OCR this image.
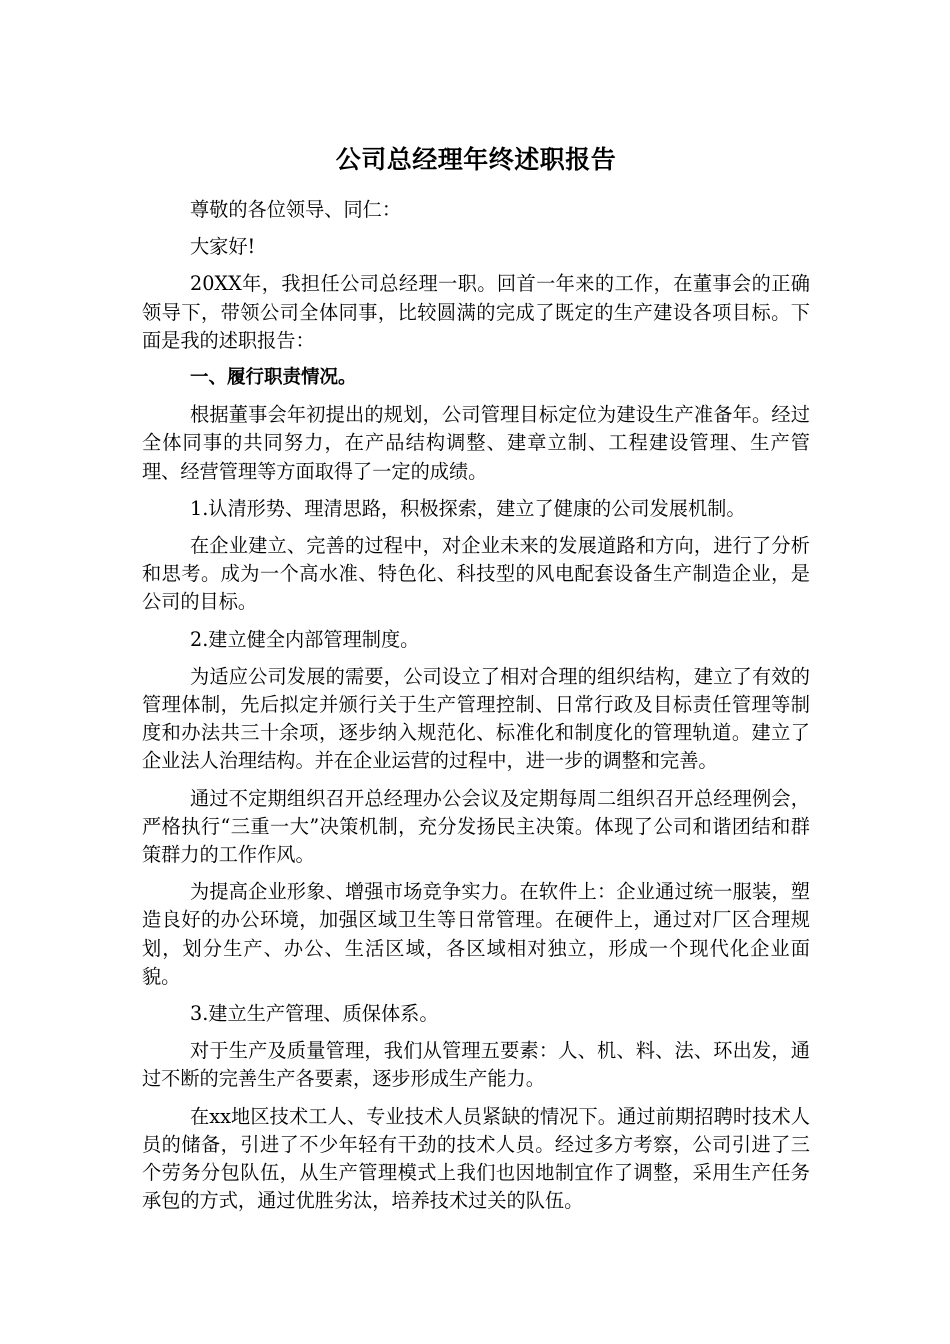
公司总经理年终述职报告

尊敬的各位领导、同仁：

大家好!

20XX年，我担任公司总经理一职。回首一年来的工作，在董事会的正确领导下，带领公司全体同事，比较圆满的完成了既定的生产建设各项目标。下面是我的述职报告：

一、履行职责情况。

根据董事会年初提出的规划，公司管理目标定位为建设生产准备年。经过全体同事的共同努力，在产品结构调整、建章立制、工程建设管理、生产管理、经营管理等方面取得了一定的成绩。

1.认清形势、理清思路，积极探索，建立了健康的公司发展机制。

在企业建立、完善的过程中，对企业未来的发展道路和方向，进行了分析和思考。成为一个高水准、特色化、科技型的风电配套设备生产制造企业，是公司的目标。

2.建立健全内部管理制度。

为适应公司发展的需要，公司设立了相对合理的组织结构，建立了有效的管理体制，先后拟定并颁行关于生产管理控制、日常行政及目标责任管理等制度和办法共三十余项，逐步纳入规范化、标准化和制度化的管理轨道。建立了企业法人治理结构。并在企业运营的过程中，进一步的调整和完善。

通过不定期组织召开总经理办公会议及定期每周二组织召开总经理例会，严格执行“三重一大”决策机制，充分发扬民主决策。体现了公司和谐团结和群策群力的工作作风。

为提高企业形象、增强市场竞争实力。在软件上：企业通过统一服装，塑造良好的办公环境，加强区域卫生等日常管理。在硬件上，通过对厂区合理规划，划分生产、办公、生活区域，各区域相对独立，形成一个现代化企业面貌。

3.建立生产管理、质保体系。

对于生产及质量管理，我们从管理五要素：人、机、料、法、环出发，通过不断的完善生产各要素，逐步形成生产能力。

在xx地区技术工人、专业技术人员紧缺的情况下。通过前期招聘时技术人员的储备，引进了不少年轻有干劲的技术人员。经过多方考察，公司引进了三个劳务分包队伍，从生产管理模式上我们也因地制宜作了调整，采用生产任务承包的方式，通过优胜劣汰，培养技术过关的队伍。
